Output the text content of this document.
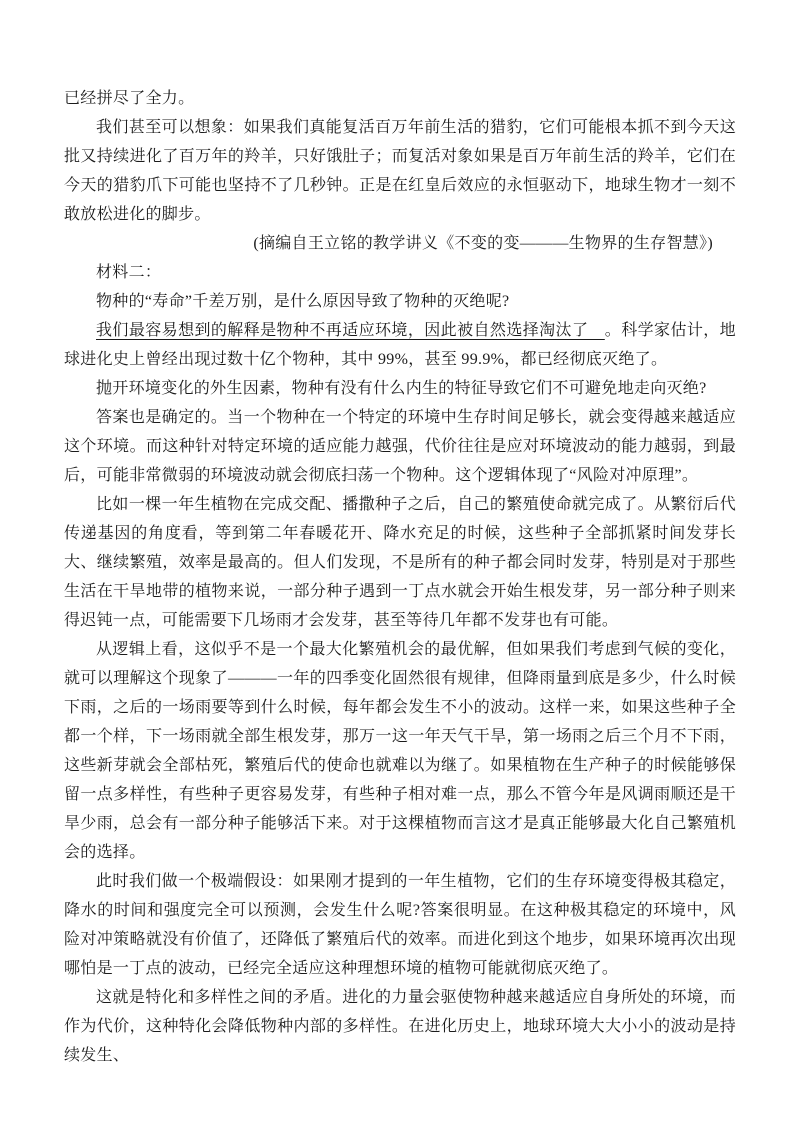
已经拼尽了全力。

我们甚至可以想象：如果我们真能复活百万年前生活的猎豹，它们可能根本抓不到今天这批又持续进化了百万年的羚羊，只好饿肚子；而复活对象如果是百万年前生活的羚羊，它们在今天的猎豹爪下可能也坚持不了几秒钟。正是在红皇后效应的永恒驱动下，地球生物才一刻不敢放松进化的脚步。

(摘编自王立铭的教学讲义《不变的变———生物界的生存智慧》)

材料二：

物种的“寿命”千差万别，是什么原因导致了物种的灭绝呢?

我们最容易想到的解释是物种不再适应环境，因此被自然选择淘汰了　。科学家估计，地球进化史上曾经出现过数十亿个物种，其中 99%，甚至 99.9%，都已经彻底灭绝了。

抛开环境变化的外生因素，物种有没有什么内生的特征导致它们不可避免地走向灭绝?

答案也是确定的。当一个物种在一个特定的环境中生存时间足够长，就会变得越来越适应这个环境。而这种针对特定环境的适应能力越强，代价往往是应对环境波动的能力越弱，到最后，可能非常微弱的环境波动就会彻底扫荡一个物种。这个逻辑体现了“风险对冲原理”。

比如一棵一年生植物在完成交配、播撒种子之后，自己的繁殖使命就完成了。从繁衍后代传递基因的角度看，等到第二年春暖花开、降水充足的时候，这些种子全部抓紧时间发芽长大、继续繁殖，效率是最高的。但人们发现，不是所有的种子都会同时发芽，特别是对于那些生活在干旱地带的植物来说，一部分种子遇到一丁点水就会开始生根发芽，另一部分种子则来得迟钝一点，可能需要下几场雨才会发芽，甚至等待几年都不发芽也有可能。

从逻辑上看，这似乎不是一个最大化繁殖机会的最优解，但如果我们考虑到气候的变化，就可以理解这个现象了———一年的四季变化固然很有规律，但降雨量到底是多少，什么时候下雨，之后的一场雨要等到什么时候，每年都会发生不小的波动。这样一来，如果这些种子全都一个样，下一场雨就全部生根发芽，那万一这一年天气干旱，第一场雨之后三个月不下雨，这些新芽就会全部枯死，繁殖后代的使命也就难以为继了。如果植物在生产种子的时候能够保留一点多样性，有些种子更容易发芽，有些种子相对难一点，那么不管今年是风调雨顺还是干旱少雨，总会有一部分种子能够活下来。对于这棵植物而言这才是真正能够最大化自己繁殖机会的选择。

此时我们做一个极端假设：如果刚才提到的一年生植物，它们的生存环境变得极其稳定，降水的时间和强度完全可以预测，会发生什么呢?答案很明显。在这种极其稳定的环境中，风险对冲策略就没有价值了，还降低了繁殖后代的效率。而进化到这个地步，如果环境再次出现哪怕是一丁点的波动，已经完全适应这种理想环境的植物可能就彻底灭绝了。

这就是特化和多样性之间的矛盾。进化的力量会驱使物种越来越适应自身所处的环境，而作为代价，这种特化会降低物种内部的多样性。在进化历史上，地球环境大大小小的波动是持续发生、
